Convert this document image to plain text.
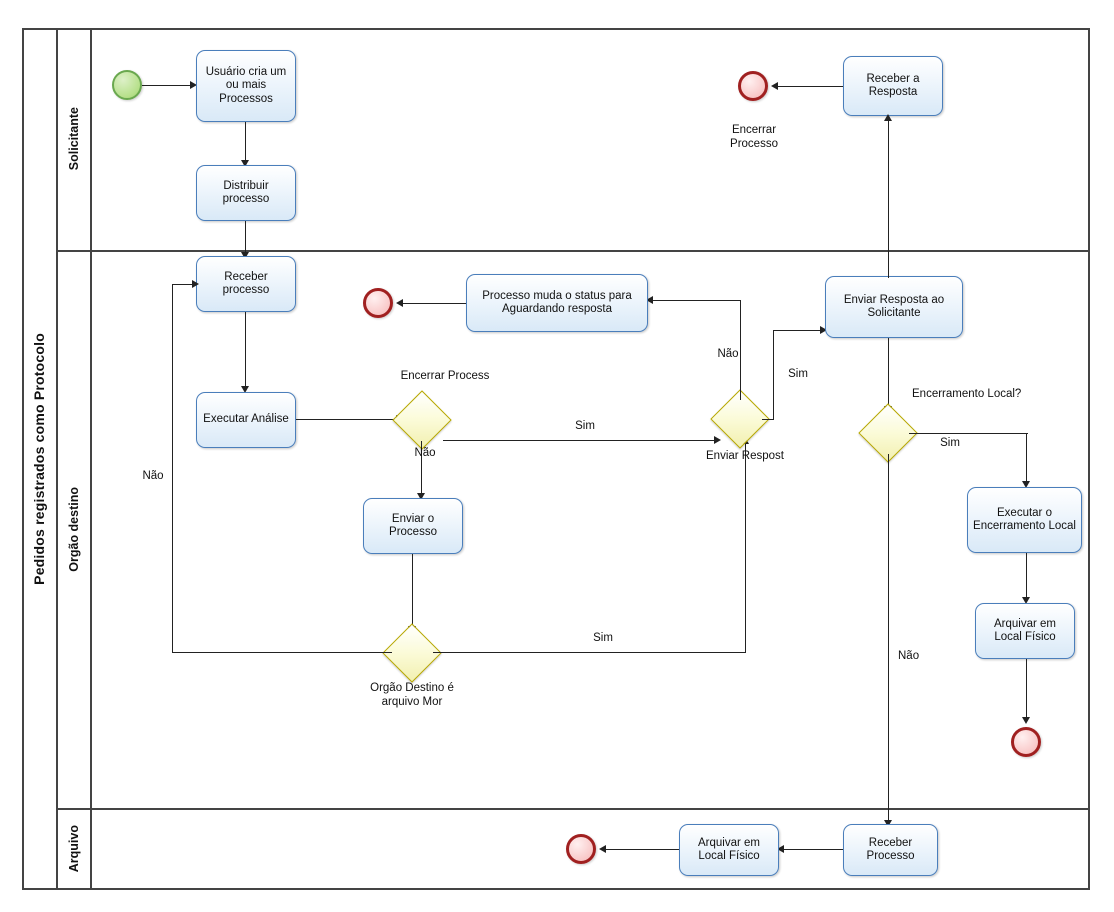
Pedidos registrados como Protocolo
Solicitante
Orgão destino
Arquivo
Usuário cria um ou mais Processos
Distribuir processo
Receber a Resposta
Encerrar Processo
Receber processo
Executar Análise
Encerrar Process
Sim
Não
Enviar o Processo
Orgão Destino é arquivo Mor
Não
Sim
Enviar Respost
Não
Processo muda o status para Aguardando resposta
Sim
Enviar Resposta ao Solicitante
Encerramento Local?
Sim
Executar o Encerramento Local
Arquivar em Local Físico
Não
Receber Processo
Arquivar em Local Físico
